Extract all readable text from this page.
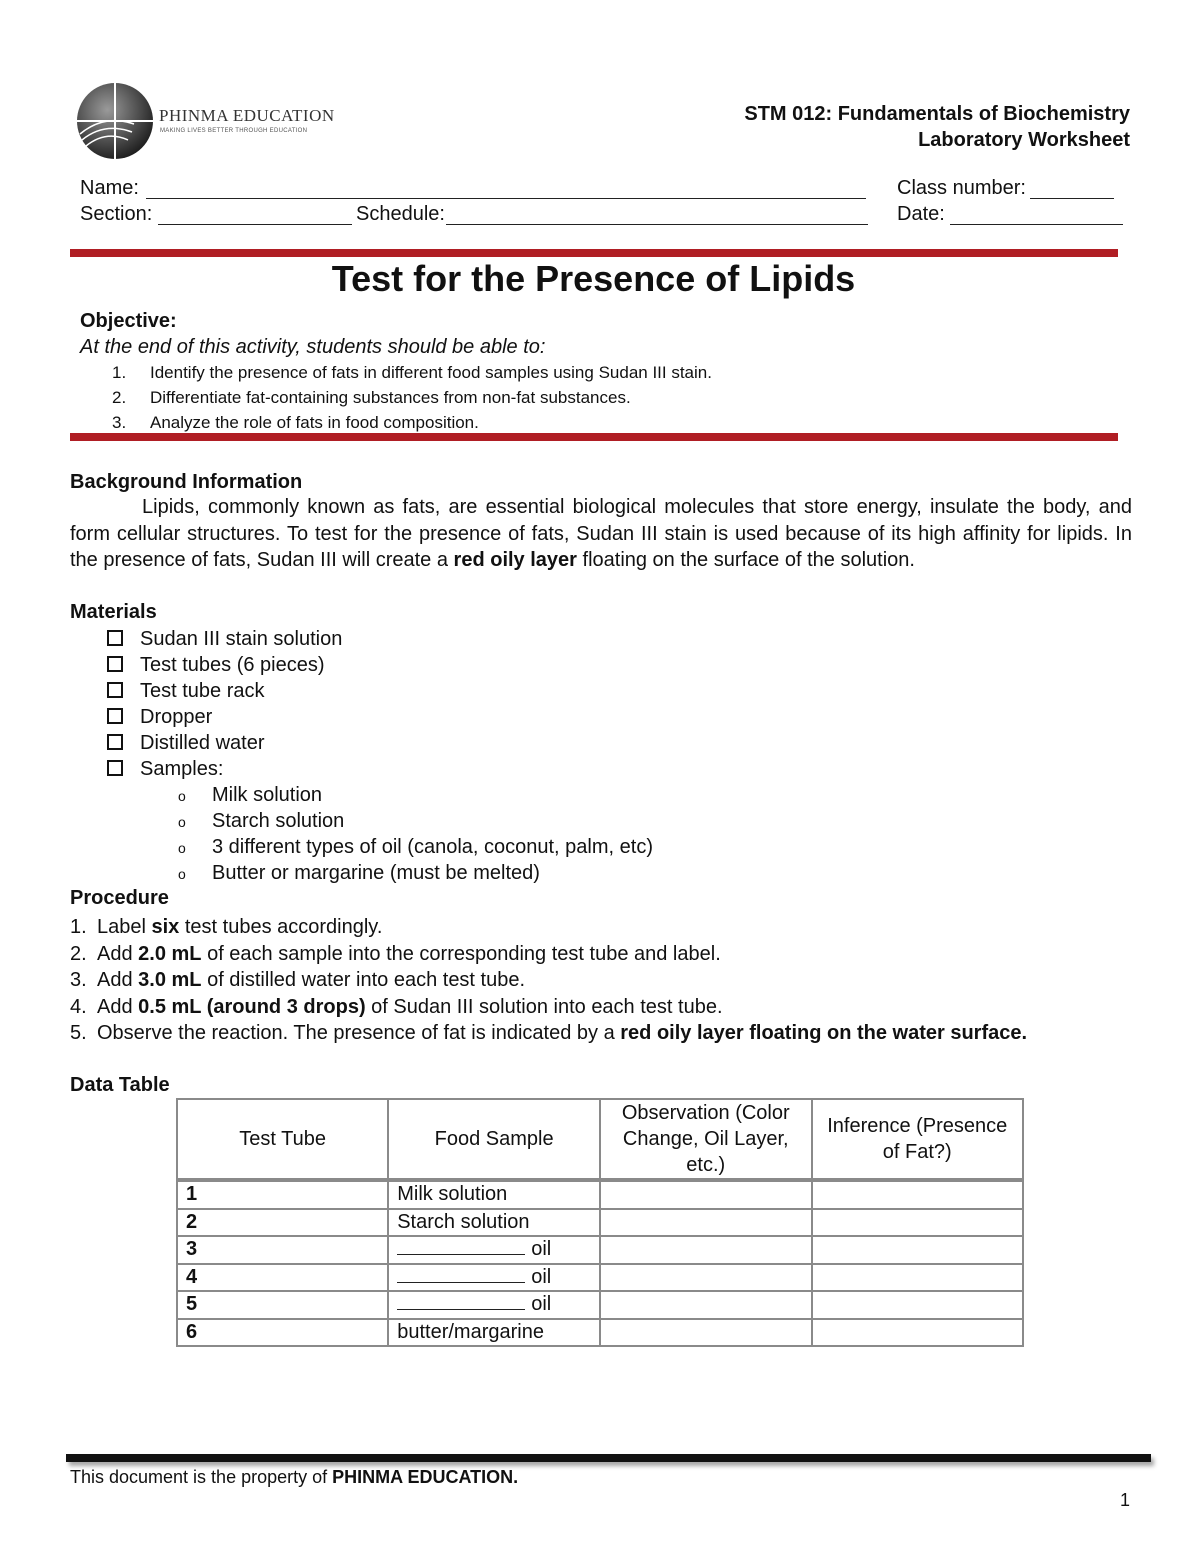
PHINMA EDUCATION
MAKING LIVES BETTER THROUGH EDUCATION
STM 012: Fundamentals of Biochemistry
Laboratory Worksheet
Name:	Class number:
Section:	Schedule:	Date:
Test for the Presence of Lipids
Objective:
At the end of this activity, students should be able to:
1. Identify the presence of fats in different food samples using Sudan III stain.
2. Differentiate fat-containing substances from non-fat substances.
3. Analyze the role of fats in food composition.
Background Information
Lipids, commonly known as fats, are essential biological molecules that store energy, insulate the body, and form cellular structures. To test for the presence of fats, Sudan III stain is used because of its high affinity for lipids. In the presence of fats, Sudan III will create a red oily layer floating on the surface of the solution.
Materials
Sudan III stain solution
Test tubes (6 pieces)
Test tube rack
Dropper
Distilled water
Samples:
o Milk solution
o Starch solution
o 3 different types of oil (canola, coconut, palm, etc)
o Butter or margarine (must be melted)
Procedure
1. Label six test tubes accordingly.
2. Add 2.0 mL of each sample into the corresponding test tube and label.
3. Add 3.0 mL of distilled water into each test tube.
4. Add 0.5 mL (around 3 drops) of Sudan III solution into each test tube.
5. Observe the reaction. The presence of fat is indicated by a red oily layer floating on the water surface.
Data Table
Test Tube	Food Sample	Observation (Color Change, Oil Layer, etc.)	Inference (Presence of Fat?)
1	Milk solution		
2	Starch solution		
3	oil		
4	oil		
5	oil		
6	butter/margarine		
This document is the property of PHINMA EDUCATION.
1
